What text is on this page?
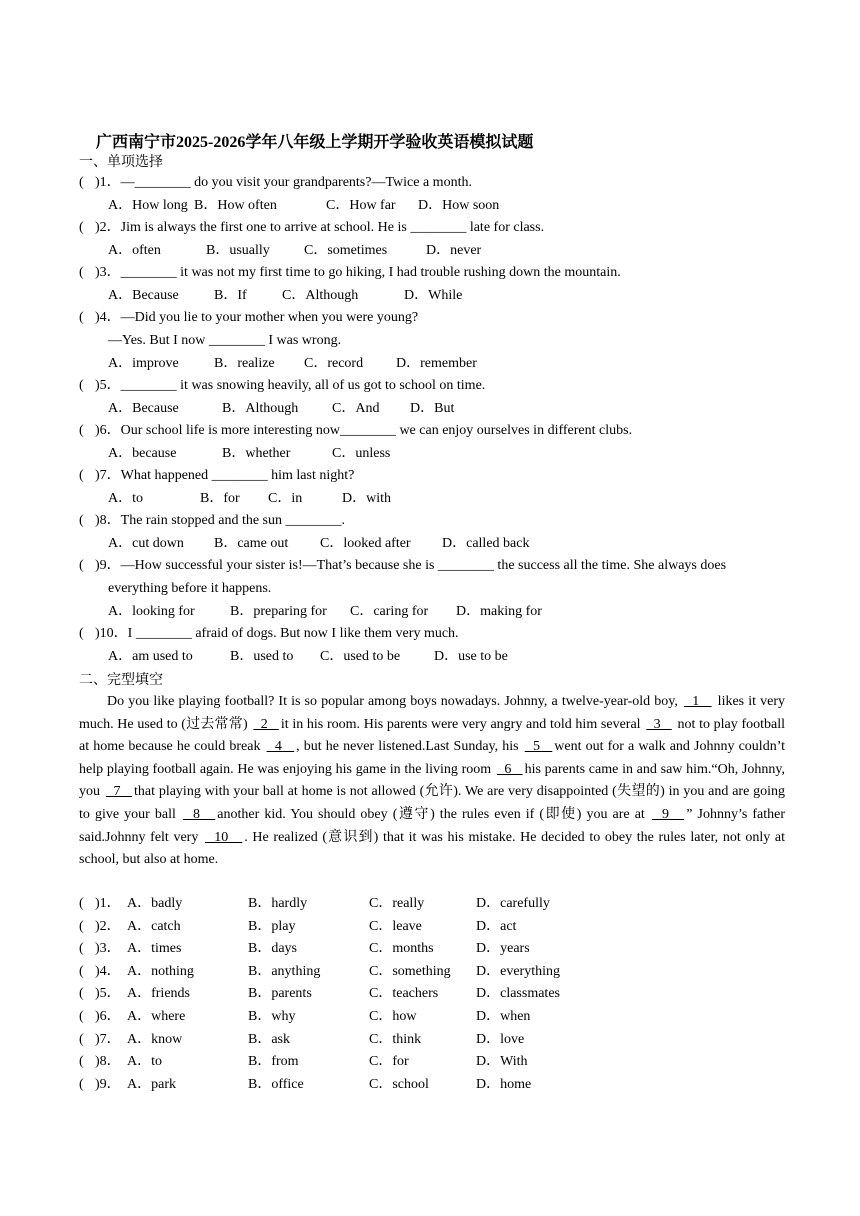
广西南宁市2025-2026学年八年级上学期开学验收英语模拟试题
一、单项选择
( )1．—________ do you visit your grandparents?—Twice a month.
A．How long B．How often	C．How far D．How soon
( )2．Jim is always the first one to arrive at school. He is ________ late for class.
A．often	B．usually C．sometimes	D．never
( )3．________ it was not my first time to go hiking, I had trouble rushing down the mountain.
A．Because	B．If	C．Although	D．While
( )4．—Did you lie to your mother when you were young?
—Yes. But I now ________ I was wrong.
A．improve	B．realize C．record D．remember
( )5．________ it was snowing heavily, all of us got to school on time.
A．Because	B．Although C．And D．But
( )6．Our school life is more interesting now________ we can enjoy ourselves in different clubs.
A．because	B．whether	C．unless
( )7．What happened ________ him last night?
A．to	B．for C．in	D．with
( )8．The rain stopped and the sun ________.
A．cut down B．came out C．looked after D．called back
( )9．—How successful your sister is!—That’s because she is ________ the success all the time. She always does
everything before it happens.
A．looking for	B．preparing for C．caring for D．making for
( )10．I ________ afraid of dogs. But now I like them very much.
A．am used to	B．used to C．used to be D．use to be
二、完型填空
Do you like playing football? It is so popular among boys nowadays. Johnny, a twelve-year-old boy,   1    likes it very much. He used to (过去常常)   2   it in his room. His parents were very angry and told him several   3    not to play football at home because he could break   4   , but he never listened.Last Sunday, his   5   went out for a walk and Johnny couldn’t help playing football again. He was enjoying his game in the living room   6   his parents came in and saw him.“Oh, Johnny, you   7   that playing with your ball at home is not allowed (允许). We are very disappointed (失望的) in you and are going to give your ball   8   another kid. You should obey (遵守) the rules even if (即使) you are at   9   ” Johnny’s father said.Johnny felt very   10   . He realized (意识到) that it was his mistake. He decided to obey the rules later, not only at school, but also at home.
( )1． A．badly	B．hardly	C．really	D．carefully
( )2． A．catch	B．play	C．leave	D．act
( )3． A．times	B．days	C．months	D．years
( )4． A．nothing	B．anything	C．something D．everything
( )5． A．friends	B．parents	C．teachers	D．classmates
( )6． A．where	B．why	C．how	D．when
( )7． A．know	B．ask	C．think	D．love
( )8． A．to	B．from	C．for	D．With
( )9． A．park	B．office	C．school	D．home
